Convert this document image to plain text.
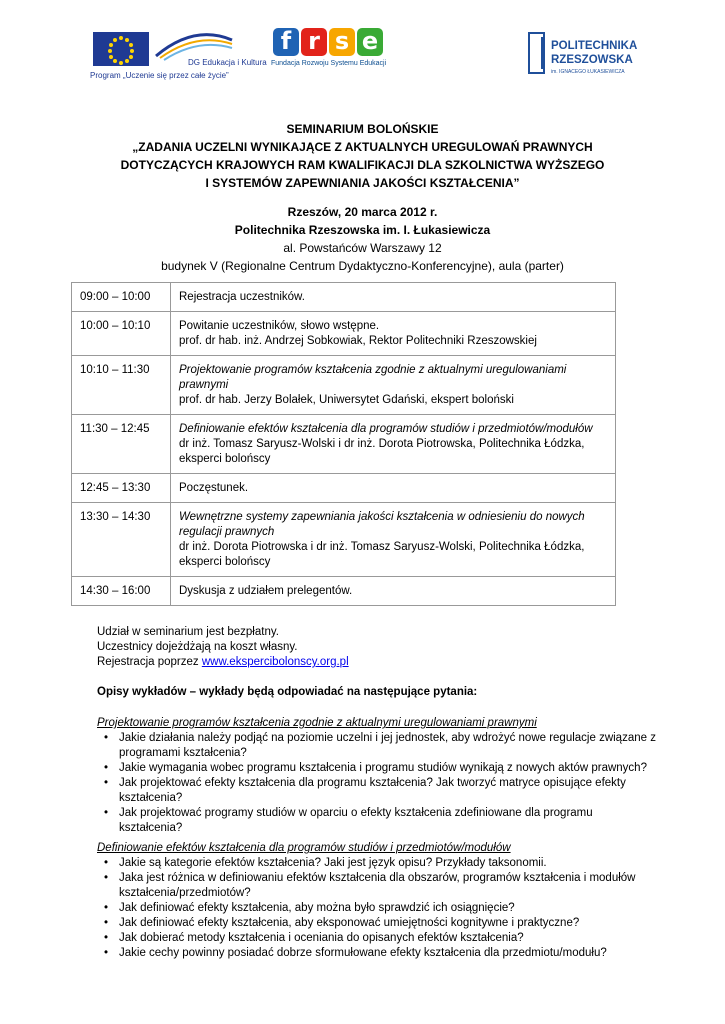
DG Edukacja i Kultura
Program „Uczenie się przez całe życie”
f r s e
Fundacja Rozwoju Systemu Edukacji
POLITECHNIKA
RZESZOWSKA
im. IGNACEGO ŁUKASIEWICZA
SEMINARIUM BOLOŃSKIE
„ZADANIA UCZELNI WYNIKAJĄCE Z AKTUALNYCH UREGULOWAŃ PRAWNYCH
DOTYCZĄCYCH KRAJOWYCH RAM KWALIFIKACJI DLA SZKOLNICTWA WYŻSZEGO
I SYSTEMÓW ZAPEWNIANIA JAKOŚCI KSZTAŁCENIA”
Rzeszów, 20 marca 2012 r.
Politechnika Rzeszowska im. I. Łukasiewicza
al. Powstańców Warszawy 12
budynek V (Regionalne Centrum Dydaktyczno-Konferencyjne), aula (parter)
09:00 – 10:00	Rejestracja uczestników.

10:00 – 10:10	Powitanie uczestników, słowo wstępne.
prof. dr hab. inż. Andrzej Sobkowiak, Rektor Politechniki Rzeszowskiej

10:10 – 11:30	Projektowanie programów kształcenia zgodnie z aktualnymi uregulowaniami prawnymi
prof. dr hab. Jerzy Bolałek, Uniwersytet Gdański, ekspert boloński

11:30 – 12:45	Definiowanie efektów kształcenia dla programów studiów i przedmiotów/modułów
dr inż. Tomasz Saryusz-Wolski i dr inż. Dorota Piotrowska, Politechnika Łódzka, eksperci bolońscy

12:45 – 13:30	Poczęstunek.

13:30 – 14:30	Wewnętrzne systemy zapewniania jakości kształcenia w odniesieniu do nowych regulacji prawnych
dr inż. Dorota Piotrowska i dr inż. Tomasz Saryusz-Wolski, Politechnika Łódzka, eksperci bolońscy

14:30 – 16:00	Dyskusja z udziałem prelegentów.
Udział w seminarium jest bezpłatny.
Uczestnicy dojeżdżają na koszt własny.
Rejestracja poprzez www.ekspercibolonscy.org.pl
Opisy wykładów – wykłady będą odpowiadać na następujące pytania:
Projektowanie programów kształcenia zgodnie z aktualnymi uregulowaniami prawnymi
• Jakie działania należy podjąć na poziomie uczelni i jej jednostek, aby wdrożyć nowe regulacje związane z programami kształcenia?
• Jakie wymagania wobec programu kształcenia i programu studiów wynikają z nowych aktów prawnych?
• Jak projektować efekty kształcenia dla programu kształcenia? Jak tworzyć matryce opisujące efekty kształcenia?
• Jak projektować programy studiów w oparciu o efekty kształcenia zdefiniowane dla programu kształcenia?
Definiowanie efektów kształcenia dla programów studiów i przedmiotów/modułów
• Jakie są kategorie efektów kształcenia? Jaki jest język opisu? Przykłady taksonomii.
• Jaka jest różnica w definiowaniu efektów kształcenia dla obszarów, programów kształcenia i modułów kształcenia/przedmiotów?
• Jak definiować efekty kształcenia, aby można było sprawdzić ich osiągnięcie?
• Jak definiować efekty kształcenia, aby eksponować umiejętności kognitywne i praktyczne?
• Jak dobierać metody kształcenia i oceniania do opisanych efektów kształcenia?
• Jakie cechy powinny posiadać dobrze sformułowane efekty kształcenia dla przedmiotu/modułu?
